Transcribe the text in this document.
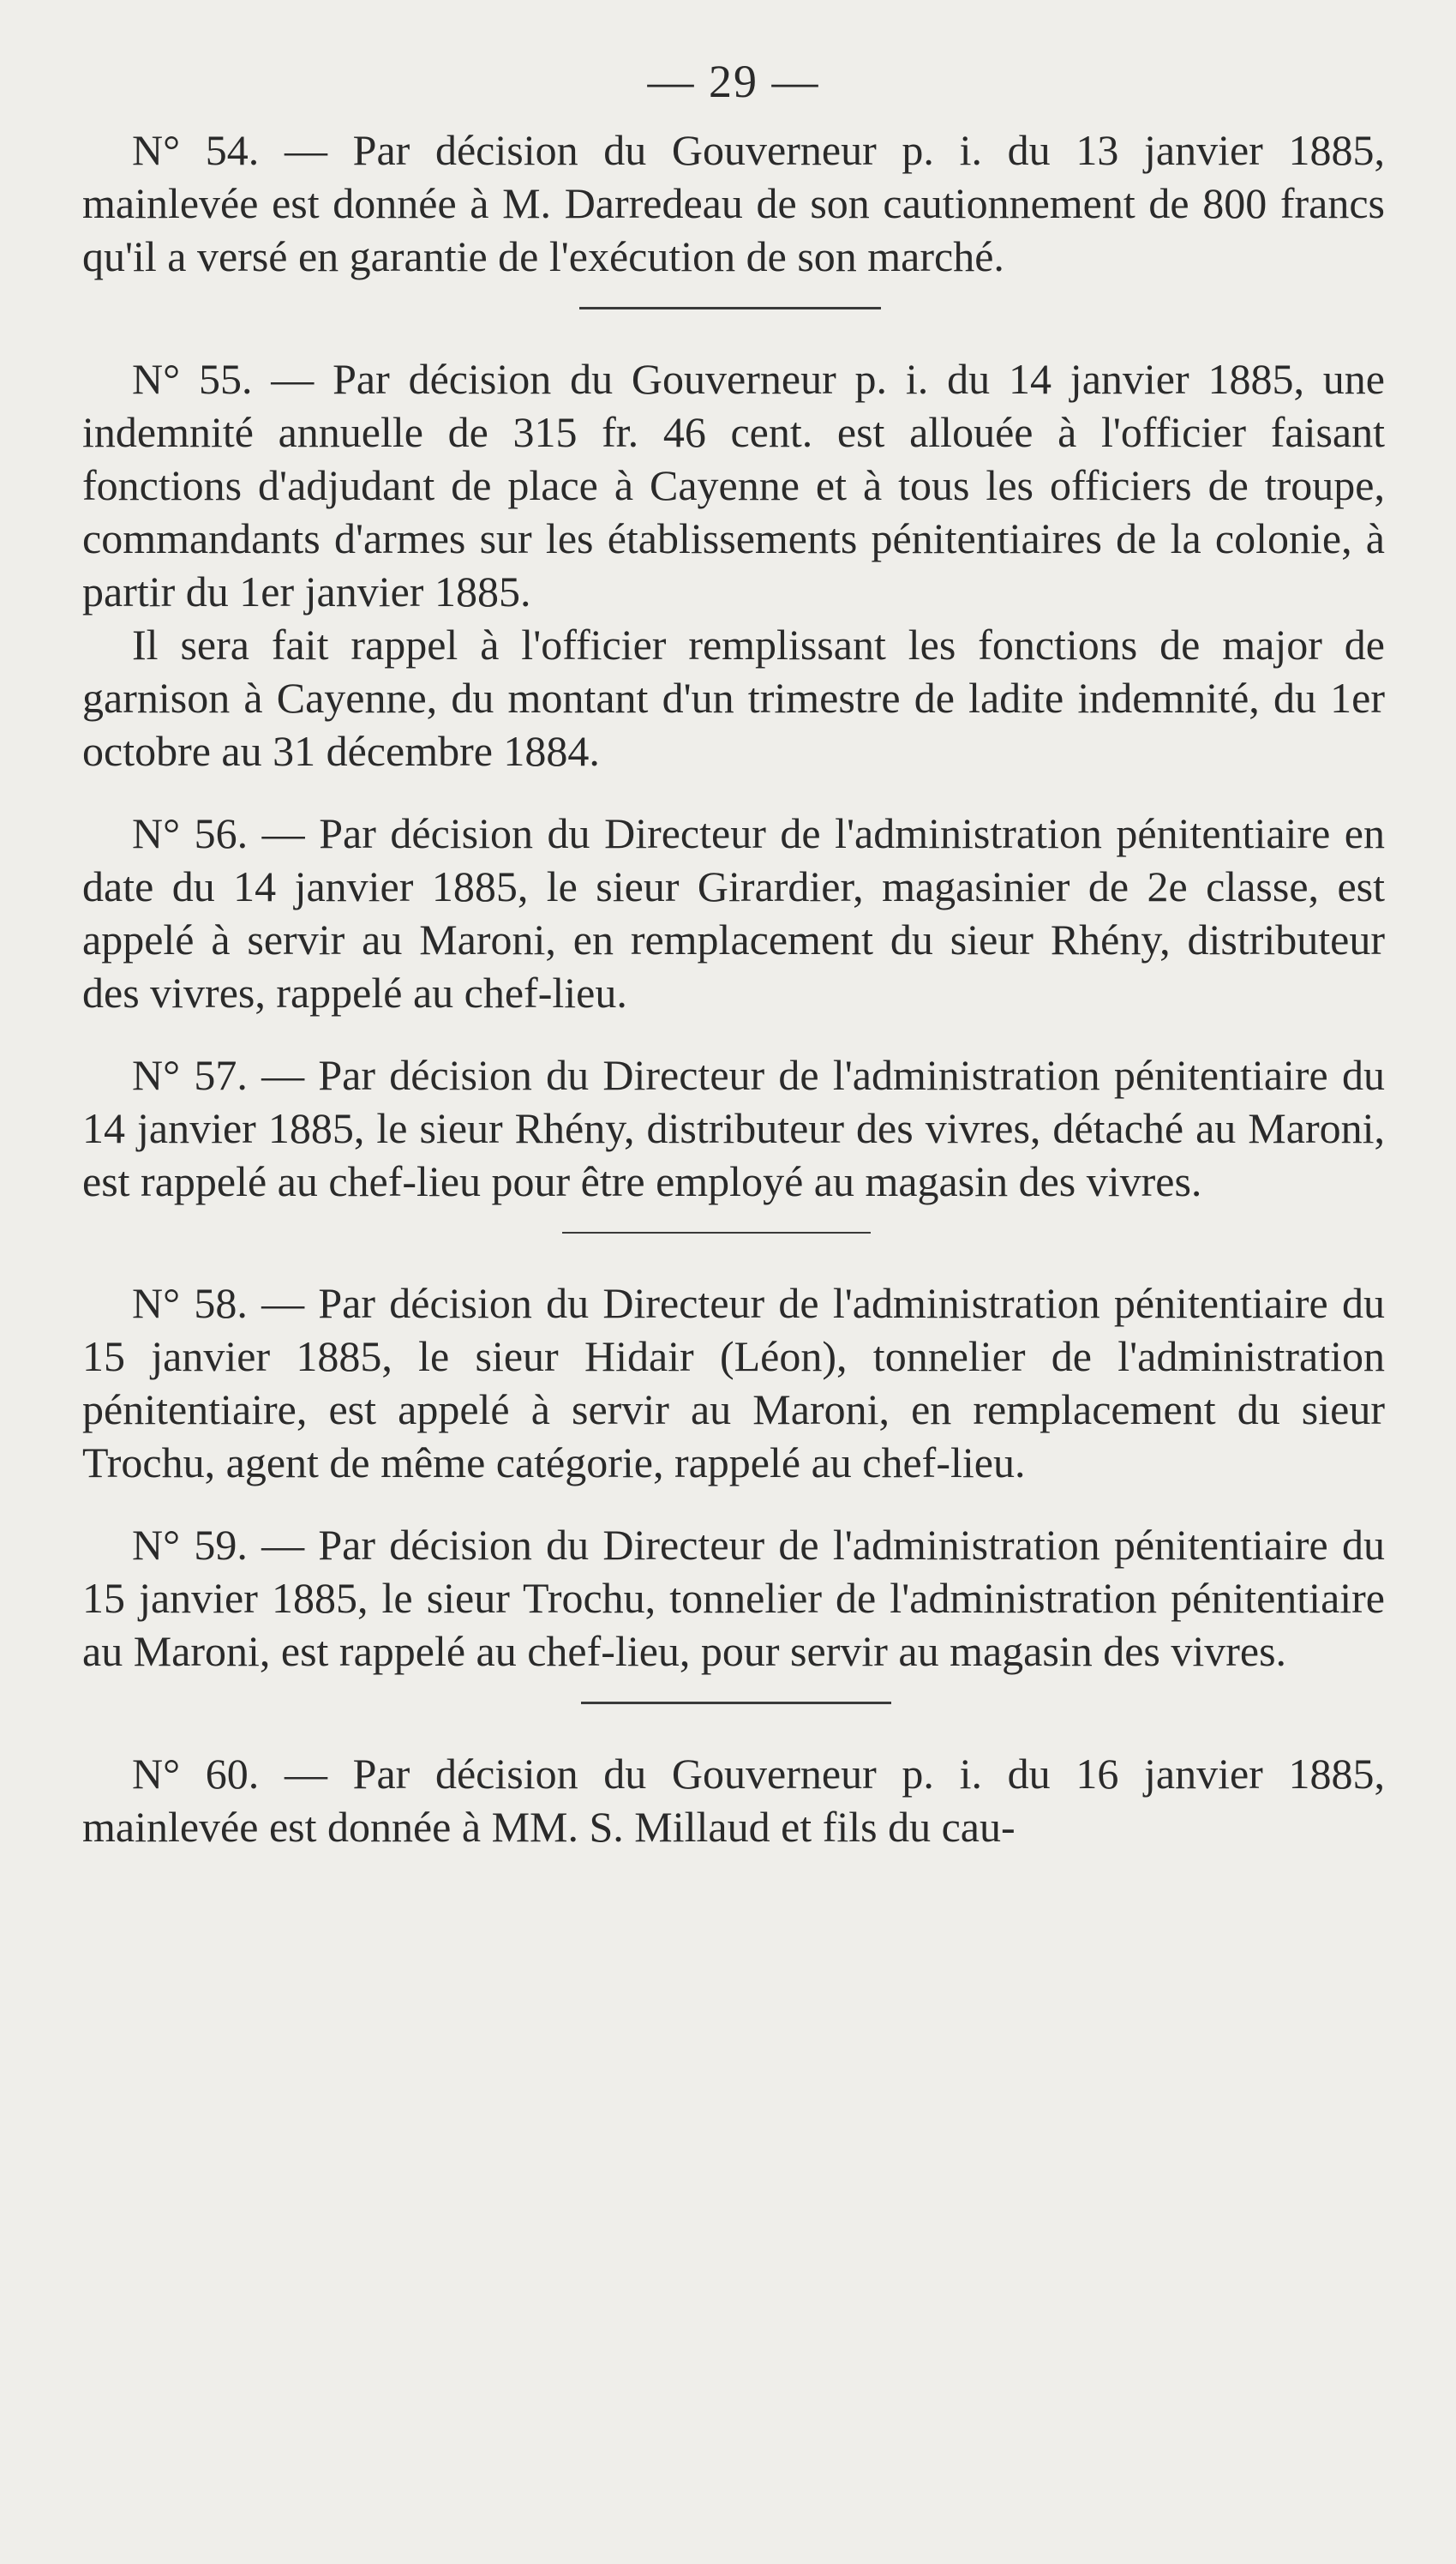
— 29 —

N° 54. — Par décision du Gouverneur p. i. du 13 janvier 1885, mainlevée est donnée à M. Darredeau de son cautionnement de 800 francs qu'il a versé en garantie de l'exécution de son marché.

N° 55. — Par décision du Gouverneur p. i. du 14 janvier 1885, une indemnité annuelle de 315 fr. 46 cent. est allouée à l'officier faisant fonctions d'adjudant de place à Cayenne et à tous les officiers de troupe, commandants d'armes sur les établissements pénitentiaires de la colonie, à partir du 1er janvier 1885.

Il sera fait rappel à l'officier remplissant les fonctions de major de garnison à Cayenne, du montant d'un trimestre de ladite indemnité, du 1er octobre au 31 décembre 1884.

N° 56. — Par décision du Directeur de l'administration pénitentiaire en date du 14 janvier 1885, le sieur Girardier, magasinier de 2e classe, est appelé à servir au Maroni, en remplacement du sieur Rhény, distributeur des vivres, rappelé au chef-lieu.

N° 57. — Par décision du Directeur de l'administration pénitentiaire du 14 janvier 1885, le sieur Rhény, distributeur des vivres, détaché au Maroni, est rappelé au chef-lieu pour être employé au magasin des vivres.

N° 58. — Par décision du Directeur de l'administration pénitentiaire du 15 janvier 1885, le sieur Hidair (Léon), tonnelier de l'administration pénitentiaire, est appelé à servir au Maroni, en remplacement du sieur Trochu, agent de même catégorie, rappelé au chef-lieu.

N° 59. — Par décision du Directeur de l'administration pénitentiaire du 15 janvier 1885, le sieur Trochu, tonnelier de l'administration pénitentiaire au Maroni, est rappelé au chef-lieu, pour servir au magasin des vivres.

N° 60. — Par décision du Gouverneur p. i. du 16 janvier 1885, mainlevée est donnée à MM. S. Millaud et fils du cau-
